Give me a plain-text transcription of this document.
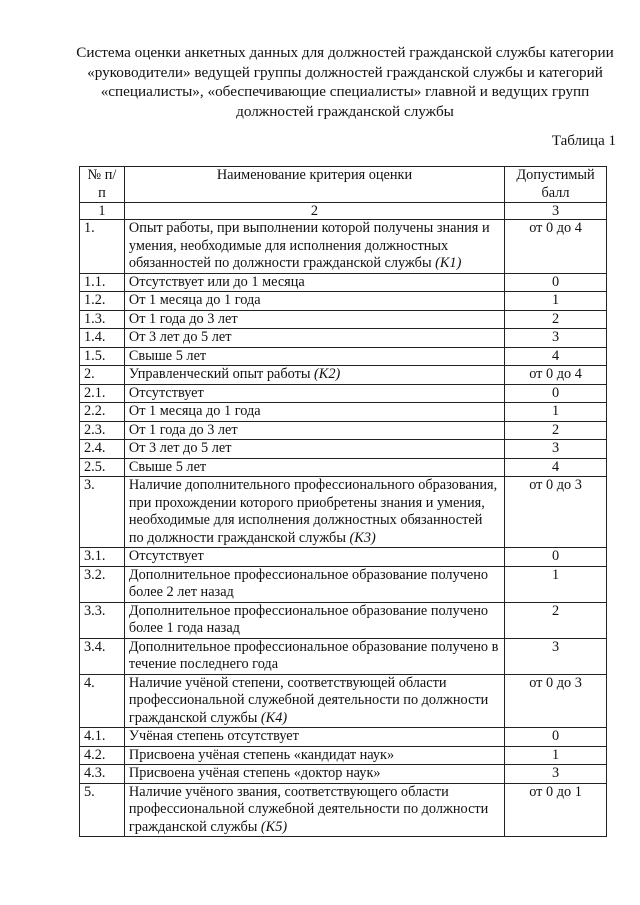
Система оценки анкетных данных для должностей гражданской службы категории
«руководители» ведущей группы должностей гражданской службы и категорий
«специалисты», «обеспечивающие специалисты» главной и ведущих групп
должностей гражданской службы
Таблица 1
№ п/п	Наименование критерия оценки	Допустимый балл
1	2	3
1.	Опыт работы, при выполнении которой получены знания и умения, необходимые для исполнения должностных обязанностей по должности гражданской службы (K1)	от 0 до 4
1.1.	Отсутствует или до 1 месяца	0
1.2.	От 1 месяца до 1 года	1
1.3.	От 1 года до 3 лет	2
1.4.	От 3 лет до 5 лет	3
1.5.	Свыше 5 лет	4
2.	Управленческий опыт работы (K2)	от 0 до 4
2.1.	Отсутствует	0
2.2.	От 1 месяца до 1 года	1
2.3.	От 1 года до 3 лет	2
2.4.	От 3 лет до 5 лет	3
2.5.	Свыше 5 лет	4
3.	Наличие дополнительного профессионального образования, при прохождении которого приобретены знания и умения, необходимые для исполнения должностных обязанностей по должности гражданской службы (K3)	от 0 до 3
3.1.	Отсутствует	0
3.2.	Дополнительное профессиональное образование получено более 2 лет назад	1
3.3.	Дополнительное профессиональное образование получено более 1 года назад	2
3.4.	Дополнительное профессиональное образование получено в течение последнего года	3
4.	Наличие учёной степени, соответствующей области профессиональной служебной деятельности по должности гражданской службы (K4)	от 0 до 3
4.1.	Учёная степень отсутствует	0
4.2.	Присвоена учёная степень «кандидат наук»	1
4.3.	Присвоена учёная степень «доктор наук»	3
5.	Наличие учёного звания, соответствующего области профессиональной служебной деятельности по должности гражданской службы (K5)	от 0 до 1
